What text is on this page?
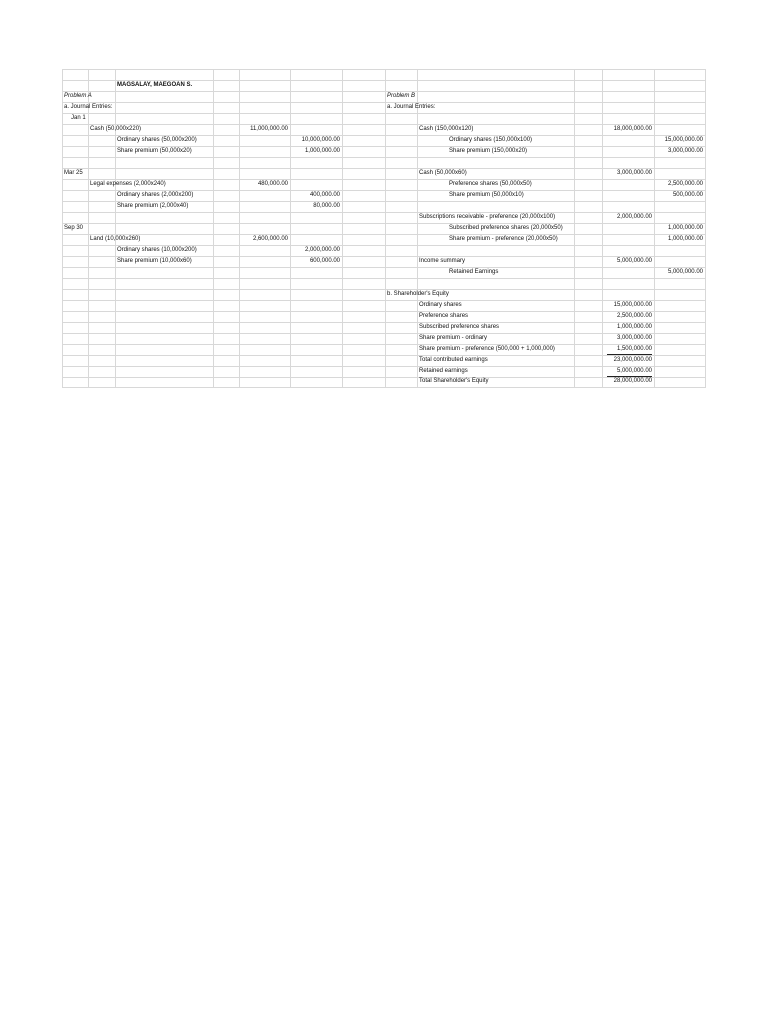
MAGSALAY, MAEGOAN S.
Problem A
a. Journal Entries:
Jan 1
Cash (50,000x220)	11,000,000.00
Ordinary shares (50,000x200)	10,000,000.00
Share premium (50,000x20)	1,000,000.00
Mar 25
Legal expenses (2,000x240)	480,000.00
Ordinary shares (2,000x200)	400,000.00
Share premium (2,000x40)	80,000.00
Sep 30
Land (10,000x260)	2,600,000.00
Ordinary shares (10,000x200)	2,000,000.00
Share premium (10,000x60)	600,000.00
Problem B
a. Journal Entries:
Cash (150,000x120)	18,000,000.00
Ordinary shares (150,000x100)	15,000,000.00
Share premium (150,000x20)	3,000,000.00
Cash (50,000x60)	3,000,000.00
Preference shares (50,000x50)	2,500,000.00
Share premium (50,000x10)	500,000.00
Subscriptions receivable - preference (20,000x100)	2,000,000.00
Subscribed preference shares (20,000x50)	1,000,000.00
Share premium - preference (20,000x50)	1,000,000.00
Income summary	5,000,000.00
Retained Earnings	5,000,000.00
b. Shareholder's Equity
Ordinary shares	15,000,000.00
Preference shares	2,500,000.00
Subscribed preference shares	1,000,000.00
Share premium - ordinary	3,000,000.00
Share premium - preference (500,000 + 1,000,000)	1,500,000.00
Total contributed earnings	23,000,000.00
Retained earnings	5,000,000.00
Total Shareholder's Equity	28,000,000.00
